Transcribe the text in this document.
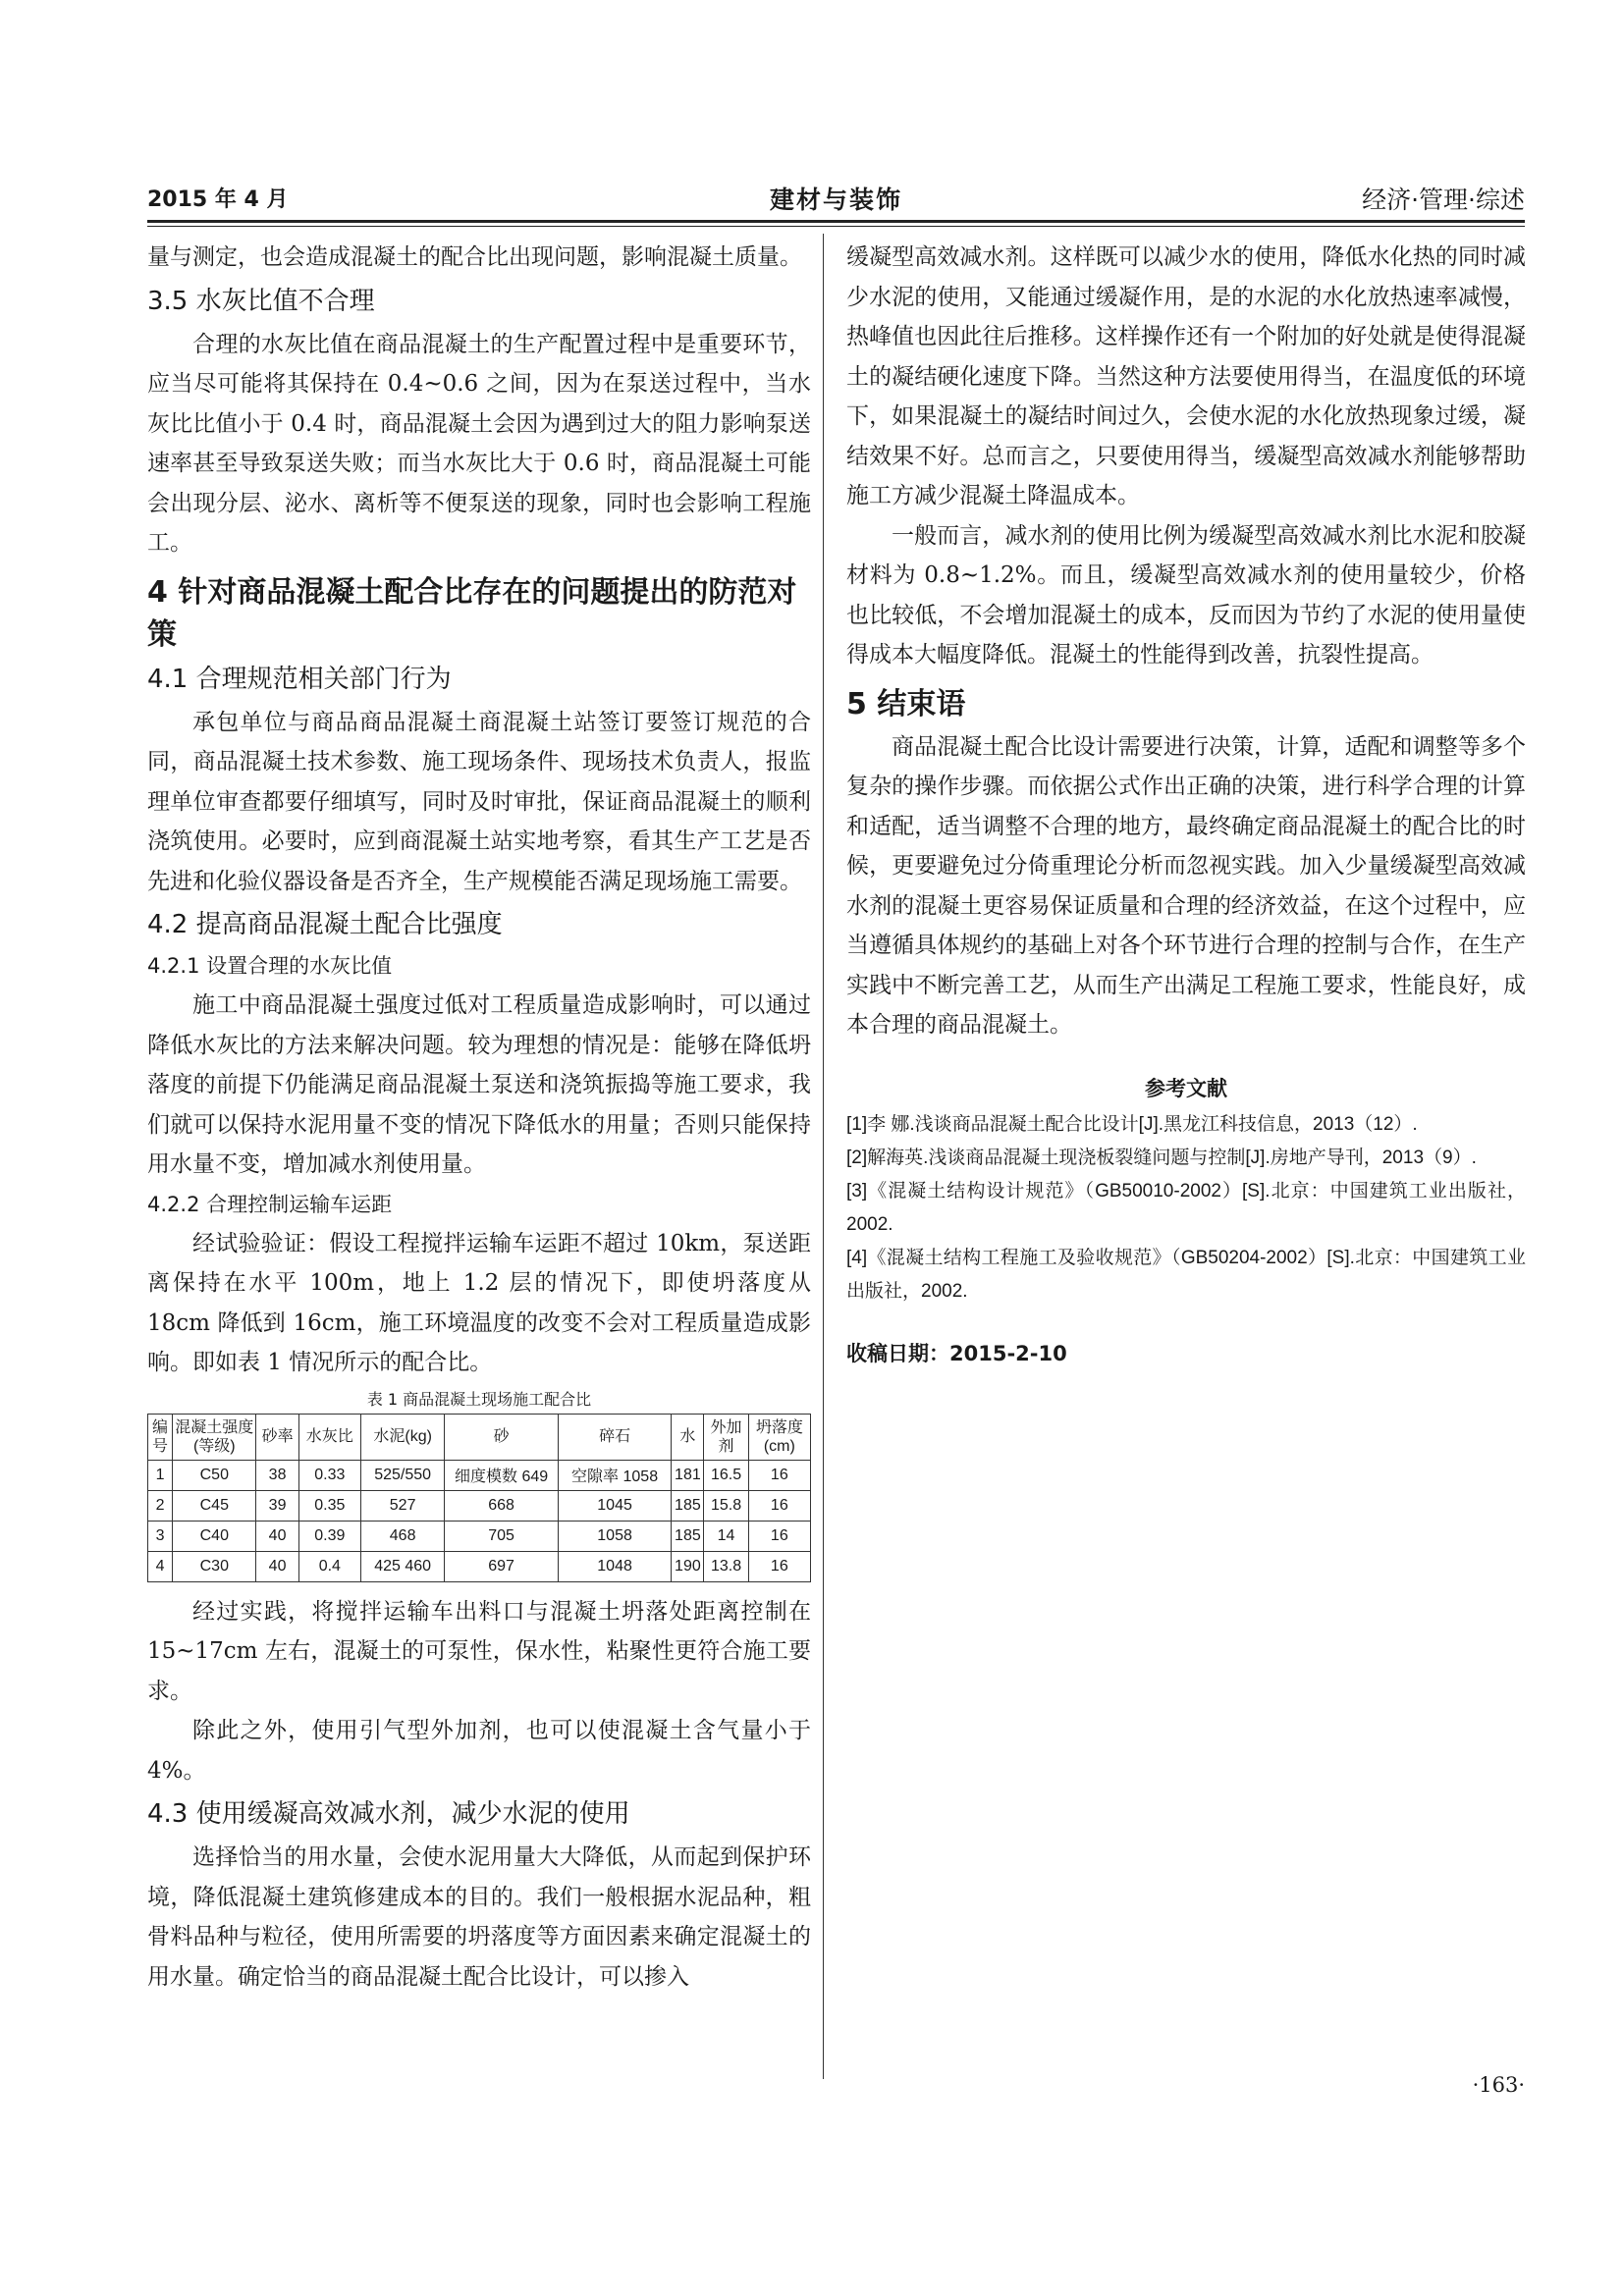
2015 年 4 月	建材与装饰	经济·管理·综述

量与测定，也会造成混凝土的配合比出现问题，影响混凝土质量。

3.5 水灰比值不合理

合理的水灰比值在商品混凝土的生产配置过程中是重要环节，应当尽可能将其保持在 0.4~0.6 之间，因为在泵送过程中，当水灰比比值小于 0.4 时，商品混凝土会因为遇到过大的阻力影响泵送速率甚至导致泵送失败；而当水灰比大于 0.6 时，商品混凝土可能会出现分层、泌水、离析等不便泵送的现象，同时也会影响工程施工。

4 针对商品混凝土配合比存在的问题提出的防范对策
4.1 合理规范相关部门行为

承包单位与商品商品混凝土商混凝土站签订要签订规范的合同，商品混凝土技术参数、施工现场条件、现场技术负责人，报监理单位审查都要仔细填写，同时及时审批，保证商品混凝土的顺利浇筑使用。必要时，应到商混凝土站实地考察，看其生产工艺是否先进和化验仪器设备是否齐全，生产规模能否满足现场施工需要。

4.2 提高商品混凝土配合比强度
4.2.1 设置合理的水灰比值

施工中商品混凝土强度过低对工程质量造成影响时，可以通过降低水灰比的方法来解决问题。较为理想的情况是：能够在降低坍落度的前提下仍能满足商品混凝土泵送和浇筑振捣等施工要求，我们就可以保持水泥用量不变的情况下降低水的用量；否则只能保持用水量不变，增加减水剂使用量。

4.2.2 合理控制运输车运距

经试验验证：假设工程搅拌运输车运距不超过 10km，泵送距离保持在水平 100m，地上 1.2 层的情况下，即使坍落度从 18cm 降低到 16cm，施工环境温度的改变不会对工程质量造成影响。即如表 1 情况所示的配合比。

表 1 商品混凝土现场施工配合比
编号	混凝土强度(等级)	砂率	水灰比	水泥(kg)	砂	碎石	水	外加剂	坍落度(cm)
1	C50	38	0.33	525/550	细度模数 649	空隙率 1058	181	16.5	16
2	C45	39	0.35	527	668	1045	185	15.8	16
3	C40	40	0.39	468	705	1058	185	14	16
4	C30	40	0.4	425 460	697	1048	190	13.8	16

经过实践，将搅拌运输车出料口与混凝土坍落处距离控制在 15~17cm 左右，混凝土的可泵性，保水性，粘聚性更符合施工要求。

除此之外，使用引气型外加剂，也可以使混凝土含气量小于 4%。

4.3 使用缓凝高效减水剂，减少水泥的使用

选择恰当的用水量，会使水泥用量大大降低，从而起到保护环境，降低混凝土建筑修建成本的目的。我们一般根据水泥品种，粗骨料品种与粒径，使用所需要的坍落度等方面因素来确定混凝土的用水量。确定恰当的商品混凝土配合比设计，可以掺入

缓凝型高效减水剂。这样既可以减少水的使用，降低水化热的同时减少水泥的使用，又能通过缓凝作用，是的水泥的水化放热速率减慢，热峰值也因此往后推移。这样操作还有一个附加的好处就是使得混凝土的凝结硬化速度下降。当然这种方法要使用得当，在温度低的环境下，如果混凝土的凝结时间过久，会使水泥的水化放热现象过缓，凝结效果不好。总而言之，只要使用得当，缓凝型高效减水剂能够帮助施工方减少混凝土降温成本。

一般而言，减水剂的使用比例为缓凝型高效减水剂比水泥和胶凝材料为 0.8~1.2%。而且，缓凝型高效减水剂的使用量较少，价格也比较低，不会增加混凝土的成本，反而因为节约了水泥的使用量使得成本大幅度降低。混凝土的性能得到改善，抗裂性提高。

5 结束语

商品混凝土配合比设计需要进行决策，计算，适配和调整等多个复杂的操作步骤。而依据公式作出正确的决策，进行科学合理的计算和适配，适当调整不合理的地方，最终确定商品混凝土的配合比的时候，更要避免过分倚重理论分析而忽视实践。加入少量缓凝型高效减水剂的混凝土更容易保证质量和合理的经济效益，在这个过程中，应当遵循具体规约的基础上对各个环节进行合理的控制与合作，在生产实践中不断完善工艺，从而生产出满足工程施工要求，性能良好，成本合理的商品混凝土。

参考文献

[1]李 娜.浅谈商品混凝土配合比设计[J].黑龙江科技信息，2013（12）.

[2]解海英.浅谈商品混凝土现浇板裂缝问题与控制[J].房地产导刊，2013（9）.

[3]《混凝土结构设计规范》（GB50010-2002）[S].北京：中国建筑工业出版社，2002.

[4]《混凝土结构工程施工及验收规范》（GB50204-2002）[S].北京：中国建筑工业出版社，2002.

收稿日期：2015-2-10
·163·
